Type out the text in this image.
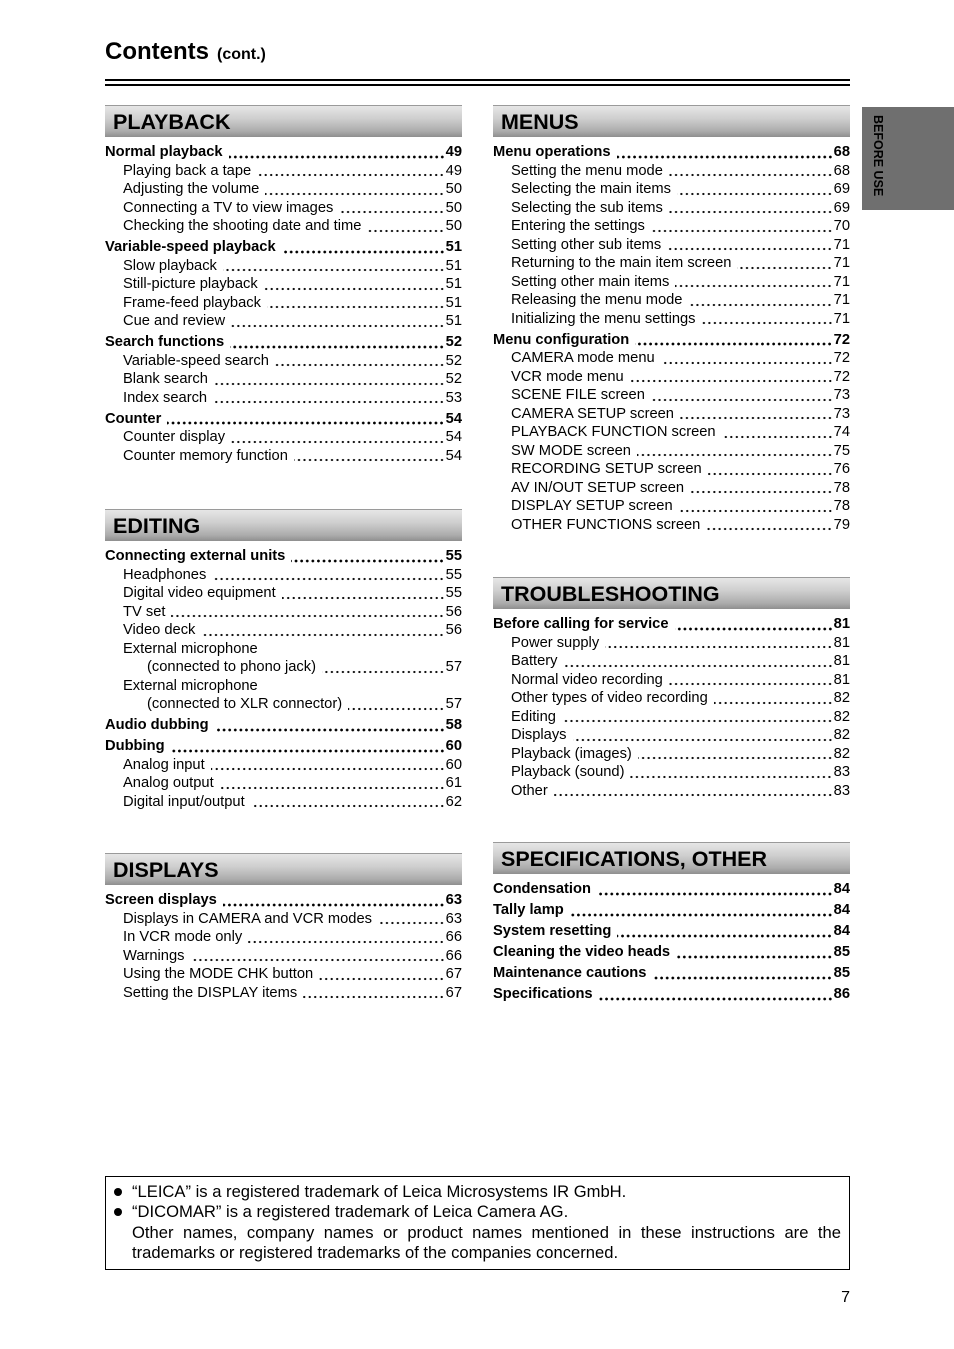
Contents (cont.)
BEFORE USE
PLAYBACK
Normal playback	49
Playing back a tape	49
Adjusting the volume	50
Connecting a TV to view images	50
Checking the shooting date and time	50
Variable-speed playback	51
Slow playback	51
Still-picture playback	51
Frame-feed playback	51
Cue and review	51
Search functions	52
Variable-speed search	52
Blank search	52
Index search	53
Counter	54
Counter display	54
Counter memory function	54
EDITING
Connecting external units	55
Headphones	55
Digital video equipment	55
TV set	56
Video deck	56
External microphone
(connected to phono jack)	57
External microphone
(connected to XLR connector)	57
Audio dubbing	58
Dubbing	60
Analog input	60
Analog output	61
Digital input/output	62
DISPLAYS
Screen displays	63
Displays in CAMERA and VCR modes	63
In VCR mode only	66
Warnings	66
Using the MODE CHK button	67
Setting the DISPLAY items	67
MENUS
Menu operations	68
Setting the menu mode	68
Selecting the main items	69
Selecting the sub items	69
Entering the settings	70
Setting other sub items	71
Returning to the main item screen	71
Setting other main items	71
Releasing the menu mode	71
Initializing the menu settings	71
Menu configuration	72
CAMERA mode menu	72
VCR mode menu	72
SCENE FILE screen	73
CAMERA SETUP screen	73
PLAYBACK FUNCTION screen	74
SW MODE screen	75
RECORDING SETUP screen	76
AV IN/OUT SETUP screen	78
DISPLAY SETUP screen	78
OTHER FUNCTIONS screen	79
TROUBLESHOOTING
Before calling for service	81
Power supply	81
Battery	81
Normal video recording	81
Other types of video recording	82
Editing	82
Displays	82
Playback (images)	82
Playback (sound)	83
Other	83
SPECIFICATIONS, OTHER
Condensation	84
Tally lamp	84
System resetting	84
Cleaning the video heads	85
Maintenance cautions	85
Specifications	86
“LEICA” is a registered trademark of Leica Microsystems IR GmbH.
“DICOMAR” is a registered trademark of Leica Camera AG.
Other names, company names or product names mentioned in these instructions are the trademarks or registered trademarks of the companies concerned.
7
